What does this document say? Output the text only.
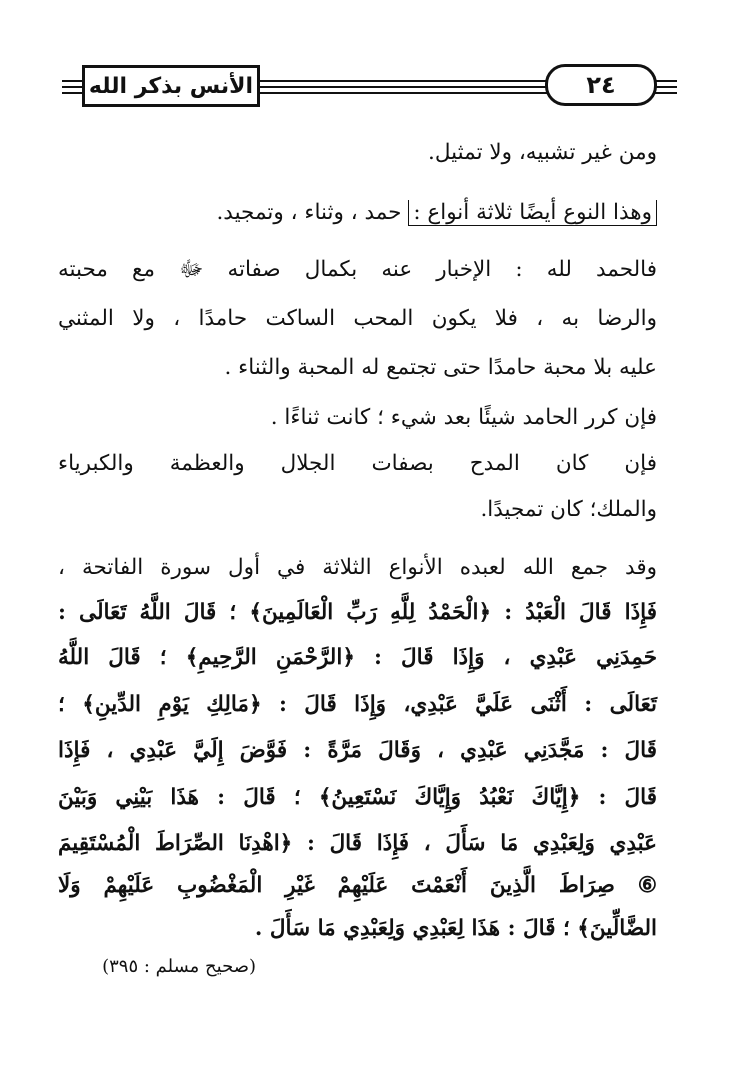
الأنس بذكر الله	٢٤
ومن غير تشبيه، ولا تمثيل.
وهذا النوع أيضًا ثلاثة أنواع : حمد ، وثناء ، وتمجيد.
فالحمد لله : الإخبار عنه بكمال صفاته ﷻ مع محبته
والرضا به ، فلا يكون المحب الساكت حامدًا ، ولا المثني
عليه بلا محبة حامدًا حتى تجتمع له المحبة والثناء .
فإن كرر الحامد شيئًا بعد شيء ؛ كانت ثناءًا .
فإن كان المدح بصفات الجلال والعظمة والكبرياء
والملك؛ كان تمجيدًا.
وقد جمع الله لعبده الأنواع الثلاثة في أول سورة الفاتحة ،
فَإِذَا قَالَ الْعَبْدُ : ﴿الْحَمْدُ لِلَّهِ رَبِّ الْعَالَمِينَ﴾ ؛ قَالَ اللَّهُ تَعَالَى :
حَمِدَنِي عَبْدِي ، وَإِذَا قَالَ : ﴿الرَّحْمَنِ الرَّحِيمِ﴾ ؛ قَالَ اللَّهُ
تَعَالَى : أَثْنَى عَلَيَّ عَبْدِي، وَإِذَا قَالَ : ﴿مَالِكِ يَوْمِ الدِّينِ﴾ ؛
قَالَ : مَجَّدَنِي عَبْدِي ، وَقَالَ مَرَّةً : فَوَّضَ إِلَيَّ عَبْدِي ، فَإِذَا
قَالَ : ﴿إِيَّاكَ نَعْبُدُ وَإِيَّاكَ نَسْتَعِينُ﴾ ؛ قَالَ : هَذَا بَيْنِي وَبَيْنَ
عَبْدِي وَلِعَبْدِي مَا سَأَلَ ، فَإِذَا قَالَ : ﴿اهْدِنَا الصِّرَاطَ الْمُسْتَقِيمَ
⑥ صِرَاطَ الَّذِينَ أَنْعَمْتَ عَلَيْهِمْ غَيْرِ الْمَغْضُوبِ عَلَيْهِمْ وَلَا
الضَّالِّينَ﴾ ؛ قَالَ : هَذَا لِعَبْدِي وَلِعَبْدِي مَا سَأَلَ .
(صحيح مسلم : ٣٩٥)
